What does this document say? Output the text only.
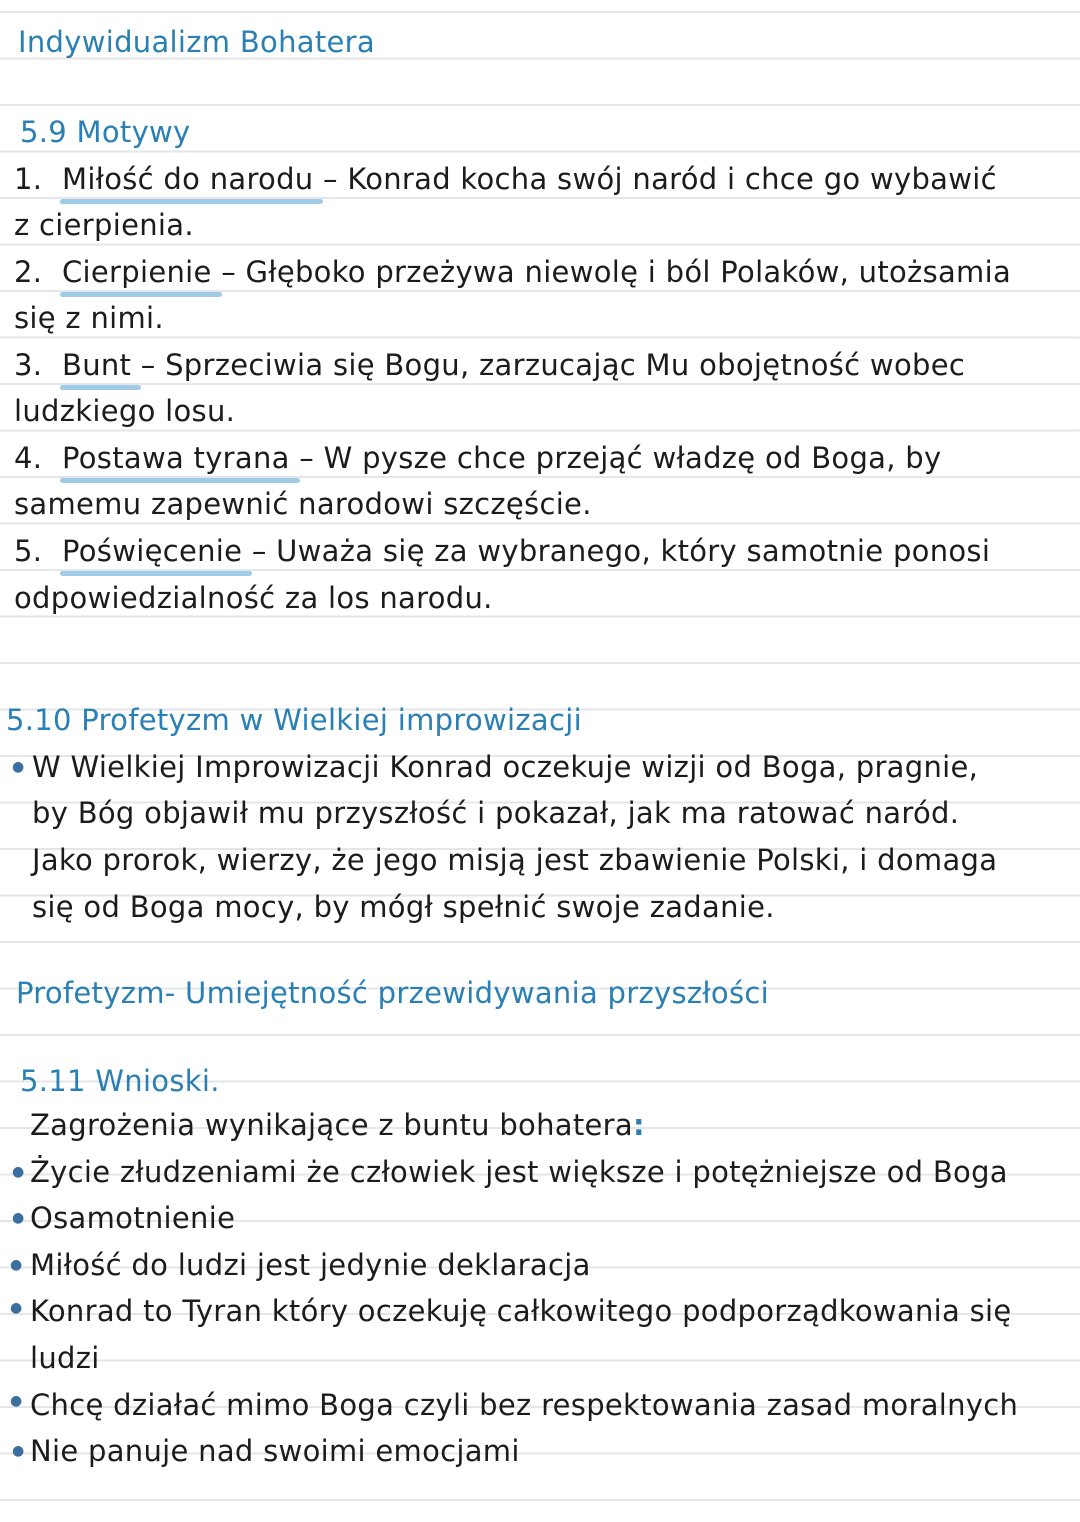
Indywidualizm Bohatera
5.9 Motywy
1. Miłość do narodu – Konrad kocha swój naród i chce go wybawić
z cierpienia.
2. Cierpienie – Głęboko przeżywa niewolę i ból Polaków, utożsamia
się z nimi.
3. Bunt – Sprzeciwia się Bogu, zarzucając Mu obojętność wobec
ludzkiego losu.
4. Postawa tyrana – W pysze chce przejąć władzę od Boga, by
samemu zapewnić narodowi szczęście.
5. Poświęcenie – Uważa się za wybranego, który samotnie ponosi
odpowiedzialność za los narodu.
5.10 Profetyzm w Wielkiej improwizacji
● W Wielkiej Improwizacji Konrad oczekuje wizji od Boga, pragnie,
by Bóg objawił mu przyszłość i pokazał, jak ma ratować naród.
Jako prorok, wierzy, że jego misją jest zbawienie Polski, i domaga
się od Boga mocy, by mógł spełnić swoje zadanie.
Profetyzm- Umiejętność przewidywania przyszłości
5.11 Wnioski.
Zagrożenia wynikające z buntu bohatera:
● Życie złudzeniami że człowiek jest większe i potężniejsze od Boga
● Osamotnienie
● Miłość do ludzi jest jedynie deklaracja
● Konrad to Tyran który oczekuję całkowitego podporządkowania się
ludzi
● Chcę działać mimo Boga czyli bez respektowania zasad moralnych
● Nie panuje nad swoimi emocjami
